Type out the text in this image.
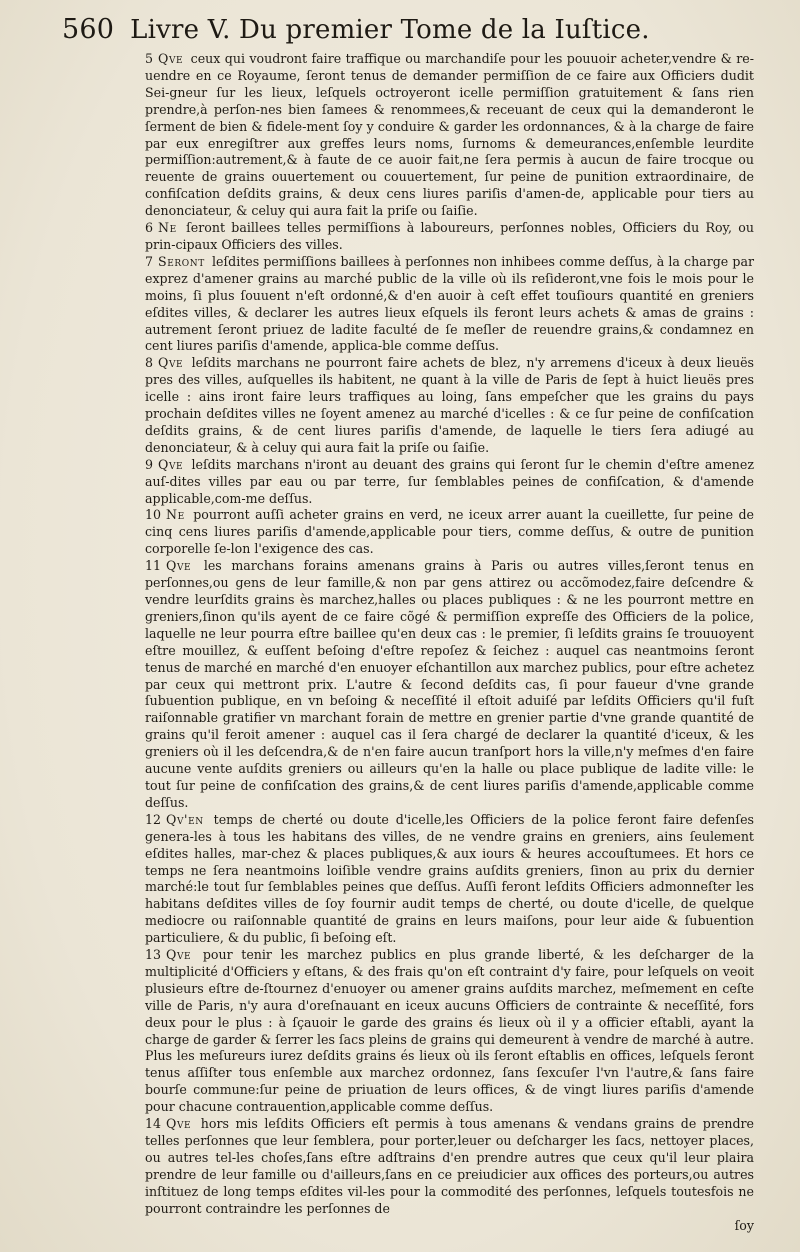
560 Livre V. Du premier Tome de la Iuſtice.

5 Qve ceux qui voudront faire traffique ou marchandiſe pour les pouuoir acheter,vendre & re-uendre en ce Royaume, ſeront tenus de demander permiſſion de ce faire aux Officiers dudit Sei-gneur ſur les lieux, leſquels octroyeront icelle permiſſion gratuitement & ſans rien prendre,à perſon-nes bien ſamees & renommees,& receuant de ceux qui la demanderont le ſerment de bien & fidele-ment ſoy y conduire & garder les ordonnances, & à la charge de faire par eux enregiſtrer aux greffes leurs noms, ſurnoms & demeurances,enſemble leurdite permiſſion:autrement,& à faute de ce auoir fait,ne ſera permis à aucun de faire trocque ou reuente de grains ouuertement ou couuertement, ſur peine de punition extraordinaire, de confiſcation deſdits grains, & deux cens liures pariſis d'amen-de, applicable pour tiers au denonciateur, & celuy qui aura fait la priſe ou ſaiſie.

6 Ne ſeront baillees telles permiſſions à laboureurs, perſonnes nobles, Officiers du Roy, ou prin-cipaux Officiers des villes.

7 Seront leſdites permiſſions baillees à perſonnes non inhibees comme deſſus, à la charge par exprez d'amener grains au marché public de la ville où ils reſideront,vne fois le mois pour le moins, ſi plus ſouuent n'eſt ordonné,& d'en auoir à ceſt effet touſiours quantité en greniers eſdites villes, & declarer les autres lieux eſquels ils feront leurs achets & amas de grains : autrement ſeront priuez de ladite faculté de ſe meſler de reuendre grains,& condamnez en cent liures pariſis d'amende, applica-ble comme deſſus.

8 Qve leſdits marchans ne pourront faire achets de blez, n'y arremens d'iceux à deux lieuës pres des villes, auſquelles ils habitent, ne quant à la ville de Paris de ſept à huict lieuës pres icelle : ains iront faire leurs traffiques au loing, ſans empeſcher que les grains du pays prochain deſdites villes ne ſoyent amenez au marché d'icelles : & ce ſur peine de confiſcation deſdits grains, & de cent liures pariſis d'amende, de laquelle le tiers ſera adiugé au denonciateur, & à celuy qui aura fait la priſe ou ſaiſie.

9 Qve leſdits marchans n'iront au deuant des grains qui ſeront ſur le chemin d'eſtre amenez auſ-dites villes par eau ou par terre, ſur ſemblables peines de confiſcation, & d'amende applicable,com-me deſſus.

10 Ne pourront auſſi acheter grains en verd, ne iceux arrer auant la cueillette, ſur peine de cinq cens liures pariſis d'amende,applicable pour tiers, comme deſſus, & outre de punition corporelle ſe-lon l'exigence des cas.

11 Qve les marchans forains amenans grains à Paris ou autres villes,ſeront tenus en perſonnes,ou gens de leur famille,& non par gens attirez ou accõmodez,faire deſcendre & vendre leurſdits grains ès marchez,halles ou places publiques : & ne les pourront mettre en greniers,ſinon qu'ils ayent de ce faire cõgé & permiſſion expreſſe des Officiers de la police, laquelle ne leur pourra eſtre baillee qu'en deux cas : le premier, ſi leſdits grains ſe trouuoyent eſtre mouillez, & euſſent beſoing d'eſtre repoſez & ſeichez : auquel cas neantmoins ſeront tenus de marché en marché d'en enuoyer eſchantillon aux marchez publics, pour eſtre achetez par ceux qui mettront prix. L'autre & ſecond deſdits cas, ſi pour faueur d'vne grande ſubuention publique, en vn beſoing & neceſſité il eſtoit aduiſé par leſdits Officiers qu'il fuſt raiſonnable gratifier vn marchant forain de mettre en grenier partie d'vne grande quantité de grains qu'il feroit amener : auquel cas il ſera chargé de declarer la quantité d'iceux, & les greniers où il les deſcendra,& de n'en faire aucun tranſport hors la ville,n'y meſmes d'en faire aucune vente auſdits greniers ou ailleurs qu'en la halle ou place publique de ladite ville: le tout ſur peine de confiſcation des grains,& de cent liures pariſis d'amende,applicable comme deſſus.

12 Qv'en temps de cherté ou doute d'icelle,les Officiers de la police feront faire defenſes genera-les à tous les habitans des villes, de ne vendre grains en greniers, ains ſeulement eſdites halles, mar-chez & places publiques,& aux iours & heures accouſtumees. Et hors ce temps ne ſera neantmoins loiſible vendre grains auſdits greniers, ſinon au prix du dernier marché:le tout ſur ſemblables peines que deſſus. Auſſi feront leſdits Officiers admonneſter les habitans deſdites villes de ſoy fournir audit temps de cherté, ou doute d'icelle, de quelque mediocre ou raiſonnable quantité de grains en leurs maiſons, pour leur aide & ſubuention particuliere, & du public, ſi beſoing eſt.

13 Qve pour tenir les marchez publics en plus grande liberté, & les deſcharger de la multiplicité d'Officiers y eſtans, & des frais qu'on eſt contraint d'y faire, pour leſquels on veoit plusieurs eſtre de-ſtournez d'enuoyer ou amener grains auſdits marchez, meſmement en ceſte ville de Paris, n'y aura d'oreſnauant en iceux aucuns Officiers de contrainte & neceſſité, fors deux pour le plus : à ſçauoir le garde des grains és lieux où il y a officier eſtabli, ayant la charge de garder & ſerrer les ſacs pleins de grains qui demeurent à vendre de marché à autre. Plus les meſureurs iurez deſdits grains és lieux où ils ſeront eſtablis en offices, leſquels ſeront tenus aſſiſter tous enſemble aux marchez ordonnez, ſans ſexcuſer l'vn l'autre,& ſans faire bourſe commune:ſur peine de priuation de leurs offices, & de vingt liures pariſis d'amende pour chacune contrauention,applicable comme deſſus.

14 Qve hors mis leſdits Officiers eſt permis à tous amenans & vendans grains de prendre telles perſonnes que leur ſemblera, pour porter,leuer ou deſcharger les ſacs, nettoyer places, ou autres tel-les choſes,ſans eſtre adſtrains d'en prendre autres que ceux qu'il leur plaira prendre de leur famille ou d'ailleurs,ſans en ce preiudicier aux offices des porteurs,ou autres inſtituez de long temps eſdites vil-les pour la commodité des perſonnes, leſquels toutesfois ne pourront contraindre les perſonnes de

ſoy
